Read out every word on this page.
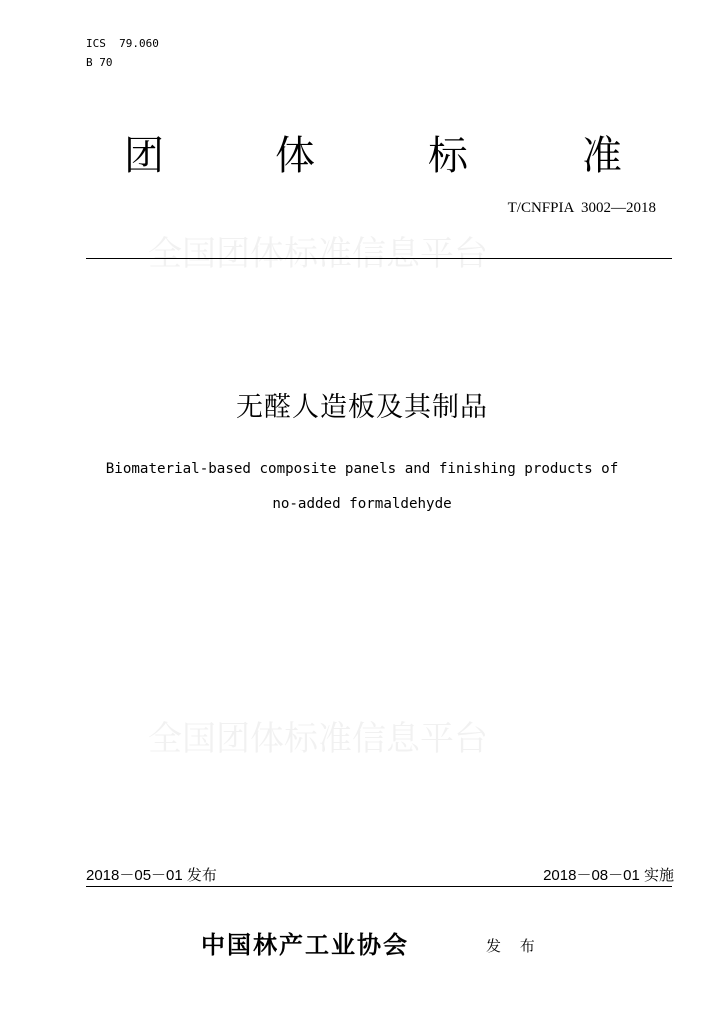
ICS  79.060
B 70
团	体	标	准
T/CNFPIA  3002—2018
全国团体标准信息平台
无醛人造板及其制品
Biomaterial-based composite panels and finishing products of
no-added formaldehyde
全国团体标准信息平台
2018－05－01 发布	2018－08－01 实施
中国林产工业协会	发 布
